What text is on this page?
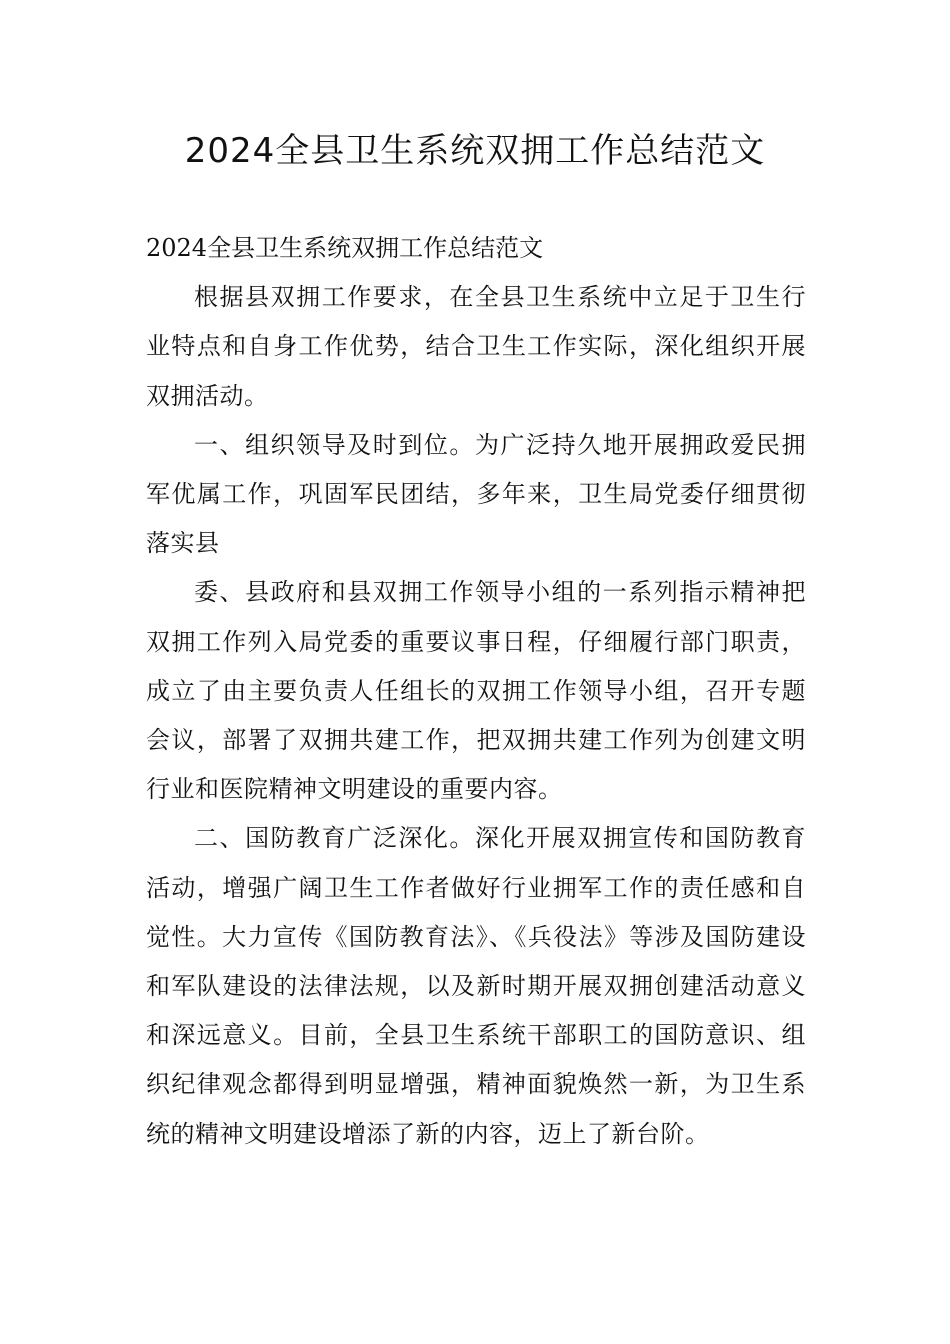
2024全县卫生系统双拥工作总结范文

2024全县卫生系统双拥工作总结范文

根据县双拥工作要求，在全县卫生系统中立足于卫生行业特点和自身工作优势，结合卫生工作实际，深化组织开展双拥活动。

一、组织领导及时到位。为广泛持久地开展拥政爱民拥军优属工作，巩固军民团结，多年来，卫生局党委仔细贯彻落实县

委、县政府和县双拥工作领导小组的一系列指示精神把双拥工作列入局党委的重要议事日程，仔细履行部门职责，成立了由主要负责人任组长的双拥工作领导小组，召开专题会议，部署了双拥共建工作，把双拥共建工作列为创建文明行业和医院精神文明建设的重要内容。

二、国防教育广泛深化。深化开展双拥宣传和国防教育活动，增强广阔卫生工作者做好行业拥军工作的责任感和自觉性。大力宣传《国防教育法》、《兵役法》等涉及国防建设和军队建设的法律法规，以及新时期开展双拥创建活动意义和深远意义。目前，全县卫生系统干部职工的国防意识、组织纪律观念都得到明显增强，精神面貌焕然一新，为卫生系统的精神文明建设增添了新的内容，迈上了新台阶。
